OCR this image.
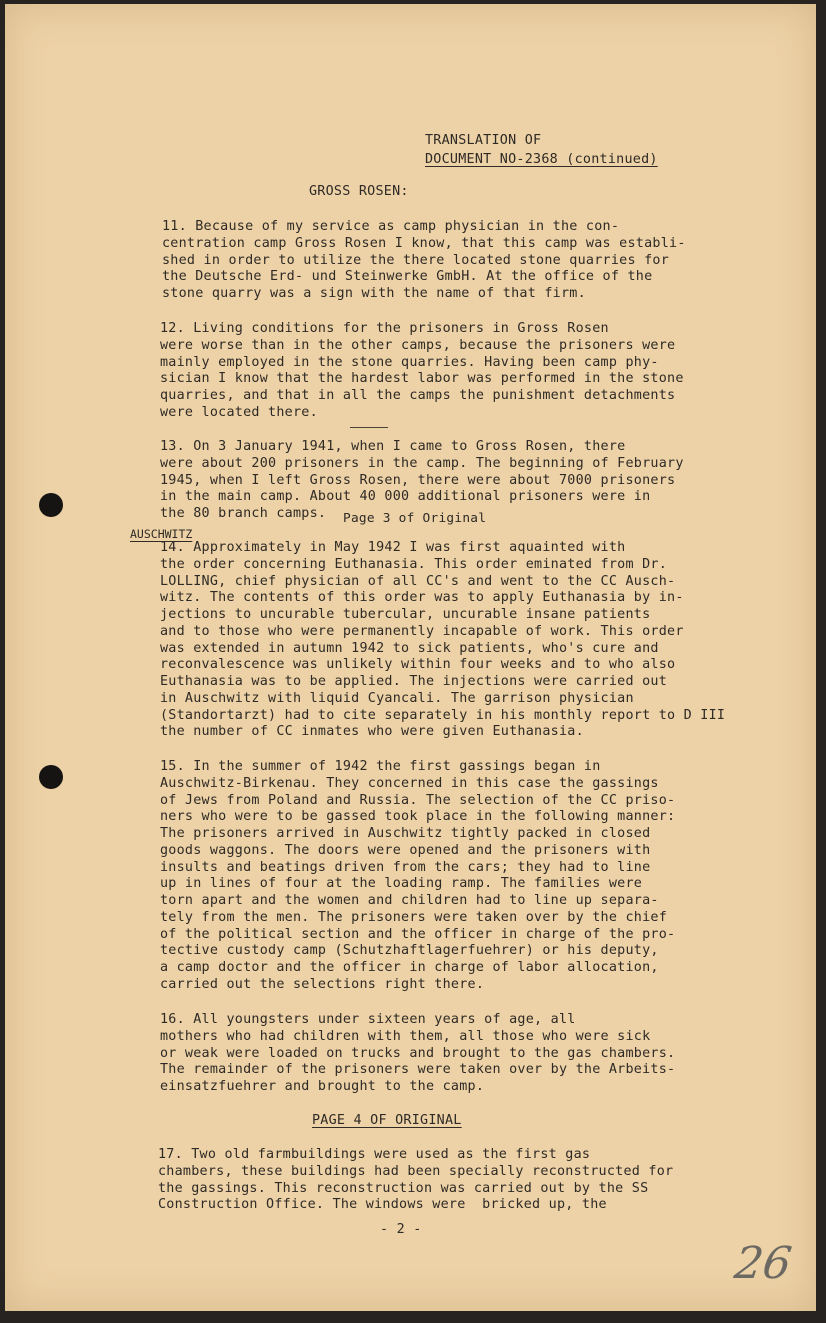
TRANSLATION OF

DOCUMENT NO-2368 (continued)

GROSS ROSEN:

11. Because of my service as camp physician in the con-
centration camp Gross Rosen I know, that this camp was establi-
shed in order to utilize the there located stone quarries for
the Deutsche Erd- und Steinwerke GmbH. At the office of the
stone quarry was a sign with the name of that firm.

12. Living conditions for the prisoners in Gross Rosen
were worse than in the other camps, because the prisoners were
mainly employed in the stone quarries. Having been camp phy-
sician I know that the hardest labor was performed in the stone
quarries, and that in all the camps the punishment detachments
were located there.

13. On 3 January 1941, when I came to Gross Rosen, there
were about 200 prisoners in the camp. The beginning of February
1945, when I left Gross Rosen, there were about 7000 prisoners
in the main camp. About 40 000 additional prisoners were in
the 80 branch camps.	Page 3 of Original

AUSCHWITZ

14. Approximately in May 1942 I was first aquainted with
the order concerning Euthanasia. This order eminated from Dr.
LOLLING, chief physician of all CC's and went to the CC Ausch-
witz. The contents of this order was to apply Euthanasia by in-
jections to uncurable tubercular, uncurable insane patients
and to those who were permanently incapable of work. This order
was extended in autumn 1942 to sick patients, who's cure and
reconvalescence was unlikely within four weeks and to who also
Euthanasia was to be applied. The injections were carried out
in Auschwitz with liquid Cyancali. The garrison physician
(Standortarzt) had to cite separately in his monthly report to D III
the number of CC inmates who were given Euthanasia.

15. In the summer of 1942 the first gassings began in
Auschwitz-Birkenau. They concerned in this case the gassings
of Jews from Poland and Russia. The selection of the CC priso-
ners who were to be gassed took place in the following manner:
The prisoners arrived in Auschwitz tightly packed in closed
goods waggons. The doors were opened and the prisoners with
insults and beatings driven from the cars; they had to line
up in lines of four at the loading ramp. The families were
torn apart and the women and children had to line up separa-
tely from the men. The prisoners were taken over by the chief
of the political section and the officer in charge of the pro-
tective custody camp (Schutzhaftlagerfuehrer) or his deputy,
a camp doctor and the officer in charge of labor allocation,
carried out the selections right there.

16. All youngsters under sixteen years of age, all
mothers who had children with them, all those who were sick
or weak were loaded on trucks and brought to the gas chambers.
The remainder of the prisoners were taken over by the Arbeits-
einsatzfuehrer and brought to the camp.

PAGE 4 OF ORIGINAL

17. Two old farmbuildings were used as the first gas
chambers, these buildings had been specially reconstructed for
the gassings. This reconstruction was carried out by the SS
Construction Office. The windows were  bricked up, the

- 2 -

26
